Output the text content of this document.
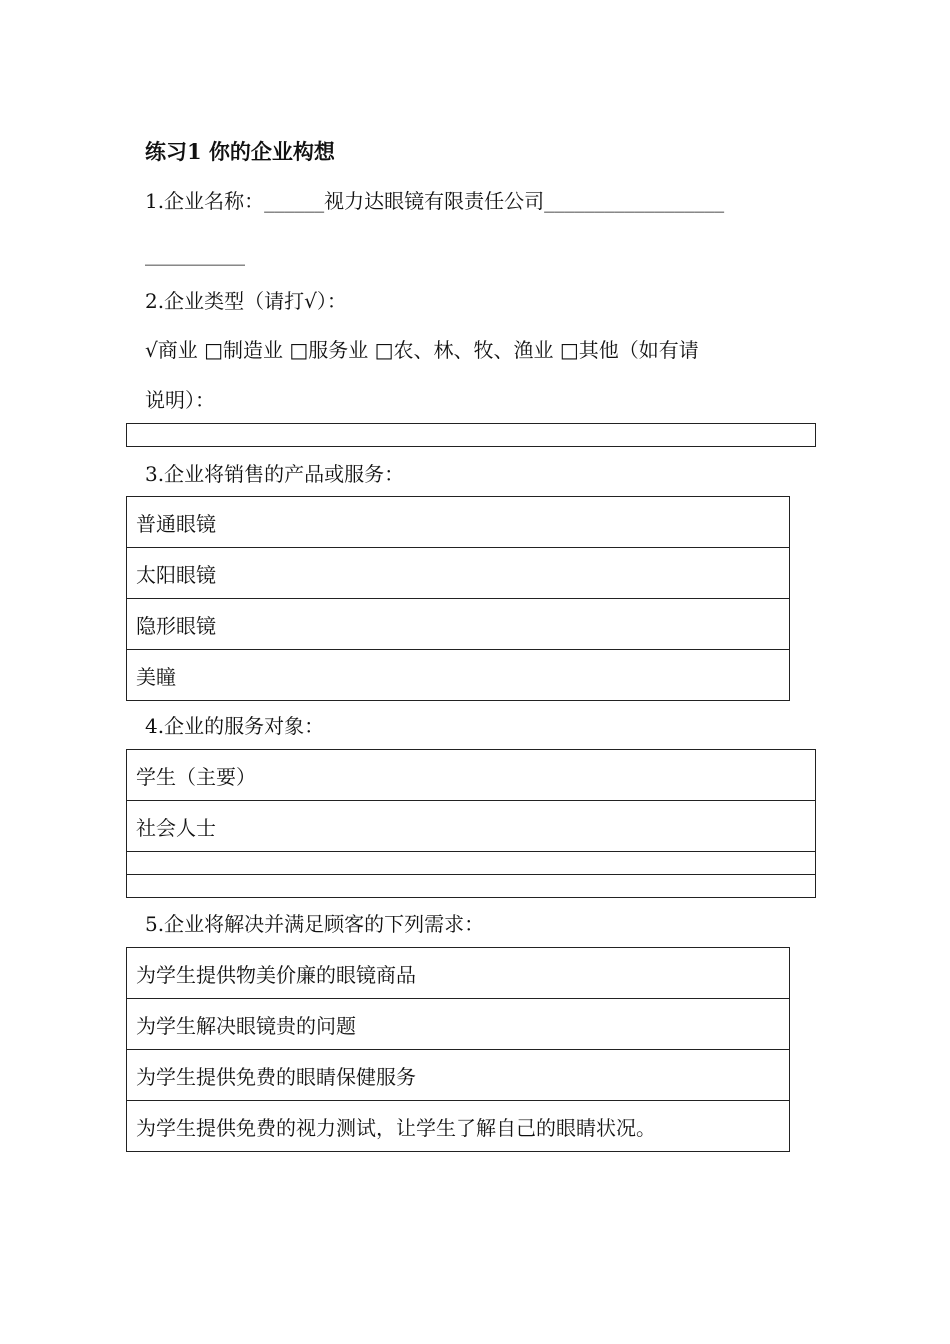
练习1 你的企业构想
1.企业名称：______视力达眼镜有限责任公司__________________
__________
2.企业类型（请打√）：
√商业 □制造业 □服务业 □农、林、牧、渔业 □其他（如有请
说明）：
3.企业将销售的产品或服务：
普通眼镜
太阳眼镜
隐形眼镜
美瞳
4.企业的服务对象：
学生（主要）
社会人士

5.企业将解决并满足顾客的下列需求：
为学生提供物美价廉的眼镜商品
为学生解决眼镜贵的问题
为学生提供免费的眼睛保健服务
为学生提供免费的视力测试，让学生了解自己的眼睛状况。
